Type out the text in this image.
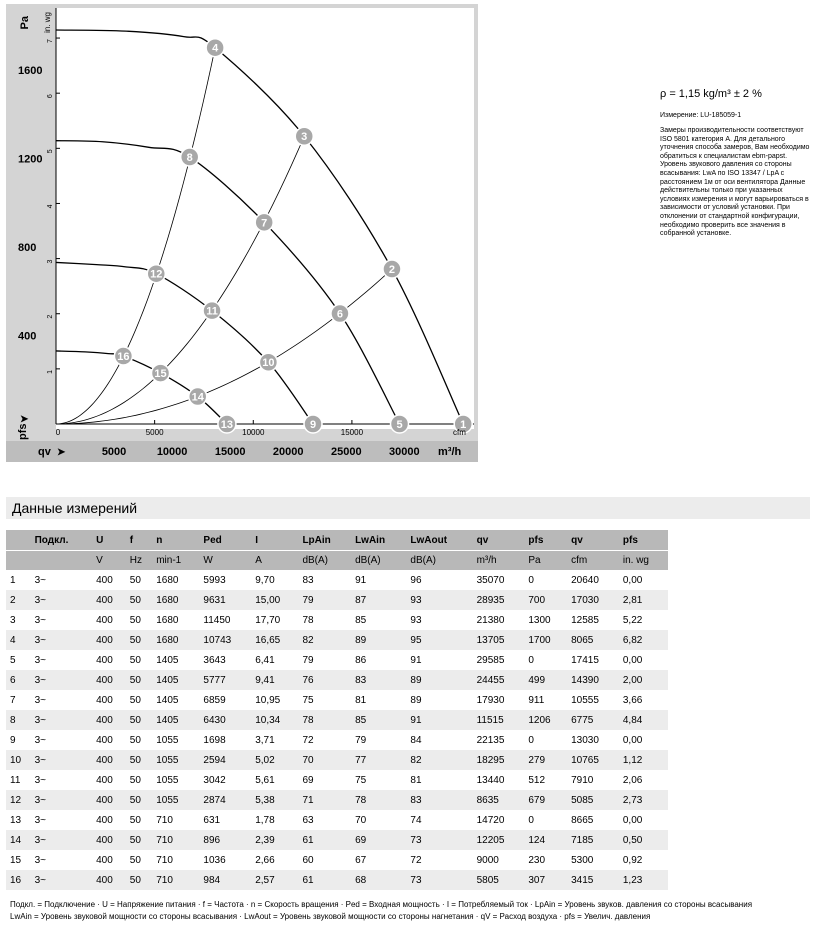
1
2
3
4
5
6
7
8
9
10
11
12
13
14
15
16
Pa in. wg
pfs
➤
qv ➤	m³/h
cfm
1600
1200
800
400
7
6
5
4
3
2
1
5000	10000 15000 20000 25000 30000
0	5000	10000	15000
ρ = 1,15 kg/m³ ± 2 %
Измерение: LU-185059-1
Замеры производительности соответствуют ISO 5801 категория A. Для детального уточнения способа замеров, Вам необходимо обратиться к специалистам ebm-papst. Уровень звукового давления со стороны всасывания: LwA по ISO 13347 / LpA с расстоянием 1м от оси вентилятора Данные действительны только при указанных условиях измерения и могут варьироваться в зависимости от условий установки. При отклонении от стандартной конфигурации, необходимо проверить все значения в собранной установке.
Данные измерений
	Подкл.	U	f	n	Ped	I	LpAin	LwAin	LwAout	qv	pfs	qv	pfs
		V	Hz	min-1	W	A	dB(A)	dB(A)	dB(A)	m³/h	Pa	cfm	in. wg
1	3~	400	50	1680	5993	9,70	83	91	96	35070	0	20640	0,00
2	3~	400	50	1680	9631	15,00	79	87	93	28935	700	17030	2,81
3	3~	400	50	1680	11450	17,70	78	85	93	21380	1300	12585	5,22
4	3~	400	50	1680	10743	16,65	82	89	95	13705	1700	8065	6,82
5	3~	400	50	1405	3643	6,41	79	86	91	29585	0	17415	0,00
6	3~	400	50	1405	5777	9,41	76	83	89	24455	499	14390	2,00
7	3~	400	50	1405	6859	10,95	75	81	89	17930	911	10555	3,66
8	3~	400	50	1405	6430	10,34	78	85	91	11515	1206	6775	4,84
9	3~	400	50	1055	1698	3,71	72	79	84	22135	0	13030	0,00
10	3~	400	50	1055	2594	5,02	70	77	82	18295	279	10765	1,12
11	3~	400	50	1055	3042	5,61	69	75	81	13440	512	7910	2,06
12	3~	400	50	1055	2874	5,38	71	78	83	8635	679	5085	2,73
13	3~	400	50	710	631	1,78	63	70	74	14720	0	8665	0,00
14	3~	400	50	710	896	2,39	61	69	73	12205	124	7185	0,50
15	3~	400	50	710	1036	2,66	60	67	72	9000	230	5300	0,92
16	3~	400	50	710	984	2,57	61	68	73	5805	307	3415	1,23
Подкл. = Подключение · U = Напряжение питания · f = Частота · n = Скорость вращения · Ped = Входная мощность · I = Потребляемый ток · LpAin = Уровень звуков. давления со стороны всасывания
LwAin = Уровень звуковой мощности со стороны всасывания · LwAout = Уровень звуковой мощности со стороны нагнетания · qV = Расход воздуха · pfs = Увелич. давления
